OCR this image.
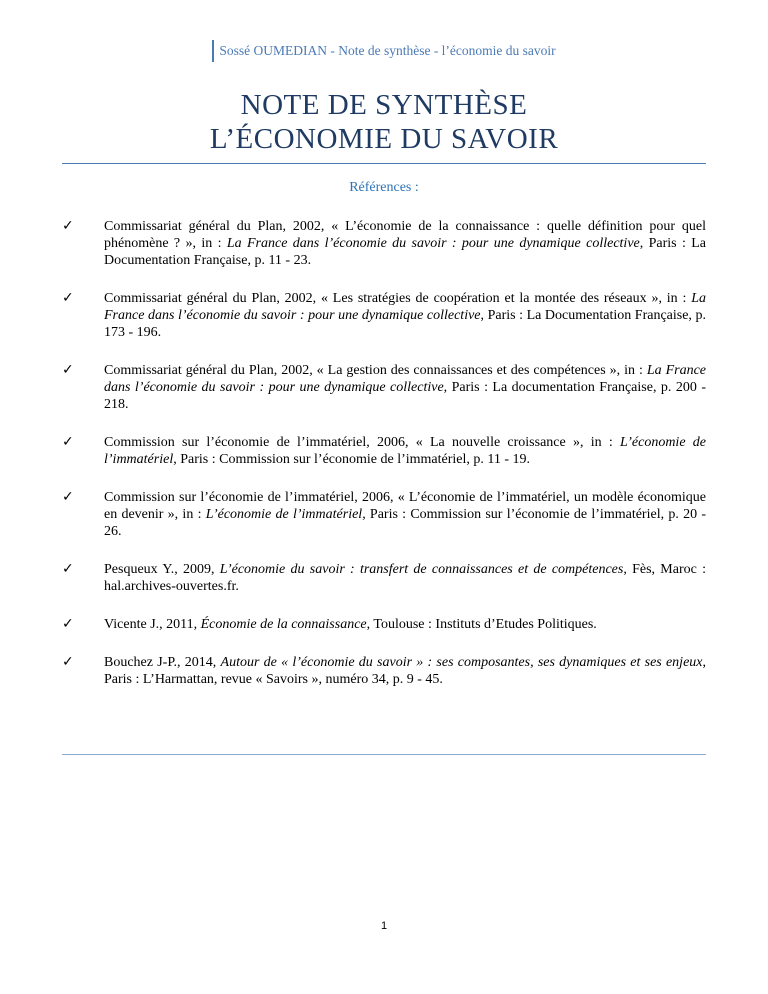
Sossé OUMEDIAN - Note de synthèse - l’économie du savoir
NOTE DE SYNTHÈSE
L’ÉCONOMIE DU SAVOIR
Références :
✓ Commissariat général du Plan, 2002, « L’économie de la connaissance : quelle définition pour quel phénomène ? », in : La France dans l’économie du savoir : pour une dynamique collective, Paris : La Documentation Française, p. 11 - 23.
✓ Commissariat général du Plan, 2002, « Les stratégies de coopération et la montée des réseaux », in : La France dans l’économie du savoir : pour une dynamique collective, Paris : La Documentation Française, p. 173 - 196.
✓ Commissariat général du Plan, 2002, « La gestion des connaissances et des compétences », in : La France dans l’économie du savoir : pour une dynamique collective, Paris : La documentation Française, p. 200 - 218.
✓ Commission sur l’économie de l’immatériel, 2006, « La nouvelle croissance », in : L’économie de l’immatériel, Paris : Commission sur l’économie de l’immatériel, p. 11 - 19.
✓ Commission sur l’économie de l’immatériel, 2006, « L’économie de l’immatériel, un modèle économique en devenir », in : L’économie de l’immatériel, Paris : Commission sur l’économie de l’immatériel, p. 20 - 26.
✓ Pesqueux Y., 2009, L’économie du savoir : transfert de connaissances et de compétences, Fès, Maroc : hal.archives-ouvertes.fr.
✓ Vicente J., 2011, Économie de la connaissance, Toulouse : Instituts d’Etudes Politiques.
✓ Bouchez J-P., 2014, Autour de « l’économie du savoir » : ses composantes, ses dynamiques et ses enjeux, Paris : L’Harmattan, revue « Savoirs », numéro 34, p. 9 - 45.
1
